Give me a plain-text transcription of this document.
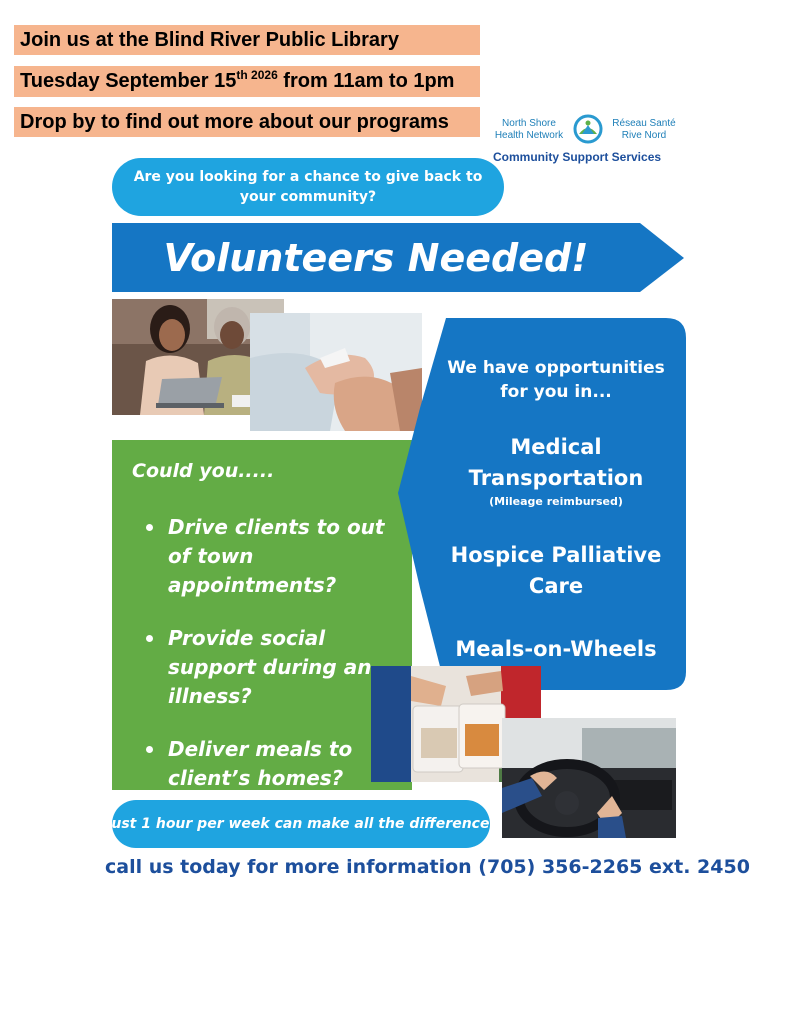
Join us at the Blind River Public Library
Tuesday September $15^{th 2026}$ from 11am to 1pm
Drop by to find out more about our programs	North Shore
Health Network
Réseau Santé
Rive Nord
Community Support Services
Are you looking for a chance to give back to your community?
Volunteers Needed!
Could you.....
Drive clients to out of town appointments?
Provide social support during an illness?
Deliver meals to client’s homes?
We have opportunities for you in...
Medical Transportation
(Mileage reimbursed)
Hospice Palliative Care
Meals-on-Wheels
Just 1 hour per week can make all the difference!
call us today for more information (705) 356-2265 ext. 2450
